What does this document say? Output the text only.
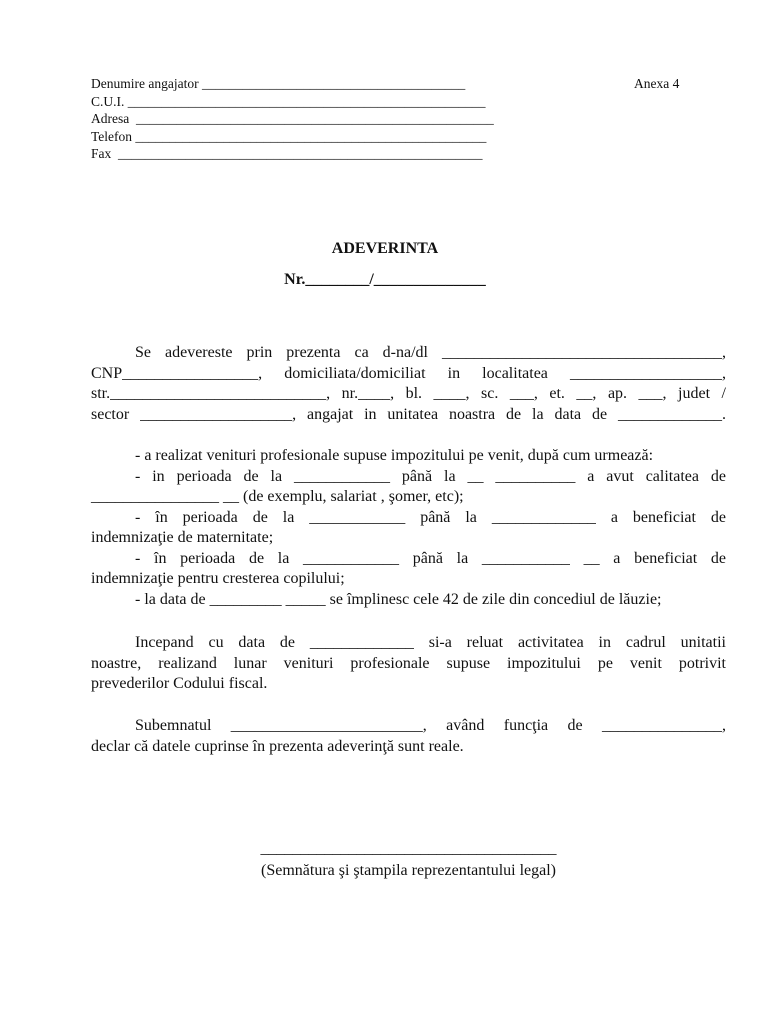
Denumire angajator _______________________________________
C.U.I. _____________________________________________________
Adresa  _____________________________________________________
Telefon ____________________________________________________
Fax  ______________________________________________________
Anexa 4
ADEVERINTA
Nr.________/______________
Se adevereste prin prezenta ca d-na/dl ___________________________________,
CNP_________________, domiciliata/domiciliat in localitatea ___________________,
str.___________________________, nr.____, bl. ____, sc. ___, et. __, ap. ___, judet /
sector ___________________, angajat in unitatea noastra de la data de _____________.
- a realizat venituri profesionale supuse impozitului pe venit, după cum urmează:
- in perioada de la ____________ până la __ __________ a avut calitatea de
________________ __ (de exemplu, salariat , şomer, etc);
- în perioada de la ____________ până la _____________ a beneficiat de
indemnizaţie de maternitate;
- în perioada de la ____________ până la ___________ __ a beneficiat de
indemnizaţie pentru cresterea copilului;
- la data de _________ _____ se împlinesc cele 42 de zile din concediul de lăuzie;
Incepand cu data de _____________ si-a reluat activitatea in cadrul unitatii
noastre, realizand lunar venituri profesionale supuse impozitului pe venit potrivit
prevederilor Codului fiscal.
Subemnatul ________________________, având funcţia de _______________,
declar că datele cuprinse în prezenta adeverinţă sunt reale.
_____________________________________
(Semnătura şi ştampila reprezentantului legal)
